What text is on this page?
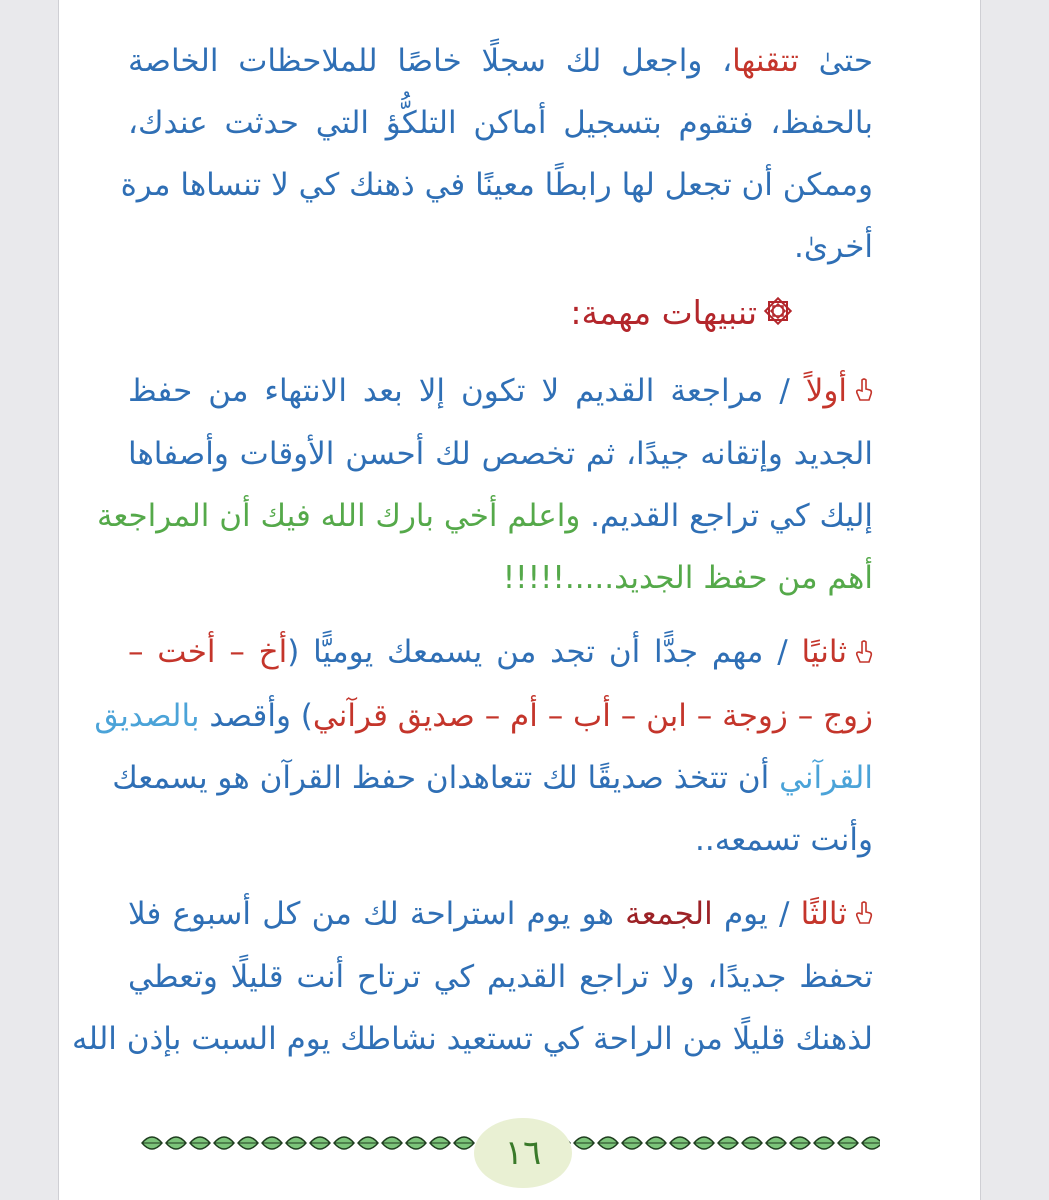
حتىٰ تتقنها، واجعل لك سجلًا خاصًا للملاحظات الخاصة
بالحفظ، فتقوم بتسجيل أماكن التلكُّؤ التي حدثت عندك،
وممكن أن تجعل لها رابطًا معينًا في ذهنك كي لا تنساها مرة
أخرىٰ.
تنبيهات مهمة:
أولاً / مراجعة القديم لا تكون إلا بعد الانتهاء من حفظ
الجديد وإتقانه جيدًا، ثم تخصص لك أحسن الأوقات وأصفاها
إليك كي تراجع القديم. واعلم أخي بارك الله فيك أن المراجعة
أهم من حفظ الجديد.....!!!!!
ثانيًا / مهم جدًّا أن تجد من يسمعك يوميًّا (أخ – أخت –
زوج – زوجة – ابن – أب – أم – صديق قرآني) وأقصد بالصديق
القرآني أن تتخذ صديقًا لك تتعاهدان حفظ القرآن هو يسمعك
وأنت تسمعه..
ثالثًا / يوم الجمعة هو يوم استراحة لك من كل أسبوع فلا
تحفظ جديدًا، ولا تراجع القديم كي ترتاح أنت قليلًا وتعطي
لذهنك قليلًا من الراحة كي تستعيد نشاطك يوم السبت بإذن الله
١٦
